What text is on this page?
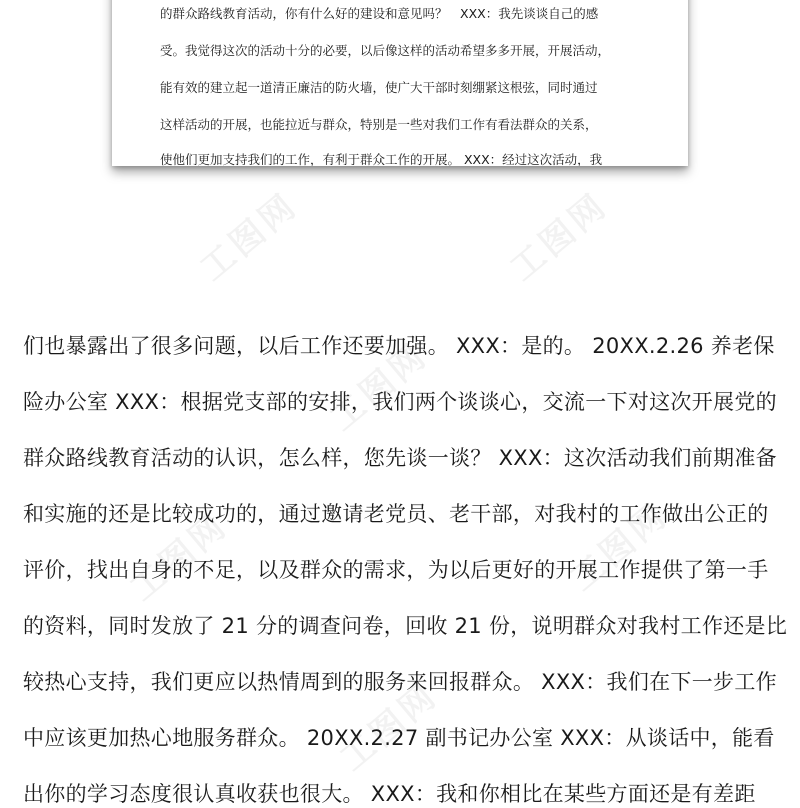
工图网	工图网
工图网
工图网	工图网
工图网
的群众路线教育活动，你有什么好的建设和意见吗？　XXX：我先谈谈自己的感
受。我觉得这次的活动十分的必要，以后像这样的活动希望多多开展，开展活动，
能有效的建立起一道清正廉洁的防火墙，使广大干部时刻绷紧这根弦，同时通过
这样活动的开展，也能拉近与群众，特别是一些对我们工作有看法群众的关系，
使他们更加支持我们的工作，有利于群众工作的开展。 XXX：经过这次活动，我
们也暴露出了很多问题，以后工作还要加强。 XXX：是的。 20XX.2.26 养老保
险办公室 XXX：根据党支部的安排，我们两个谈谈心，交流一下对这次开展党的
群众路线教育活动的认识，怎么样，您先谈一谈？ XXX：这次活动我们前期准备
和实施的还是比较成功的，通过邀请老党员、老干部，对我村的工作做出公正的
评价，找出自身的不足，以及群众的需求，为以后更好的开展工作提供了第一手
的资料，同时发放了 21 分的调查问卷，回收 21 份，说明群众对我村工作还是比
较热心支持，我们更应以热情周到的服务来回报群众。 XXX：我们在下一步工作
中应该更加热心地服务群众。 20XX.2.27 副书记办公室 XXX：从谈话中，能看
出你的学习态度很认真收获也很大。 XXX：我和你相比在某些方面还是有差距
